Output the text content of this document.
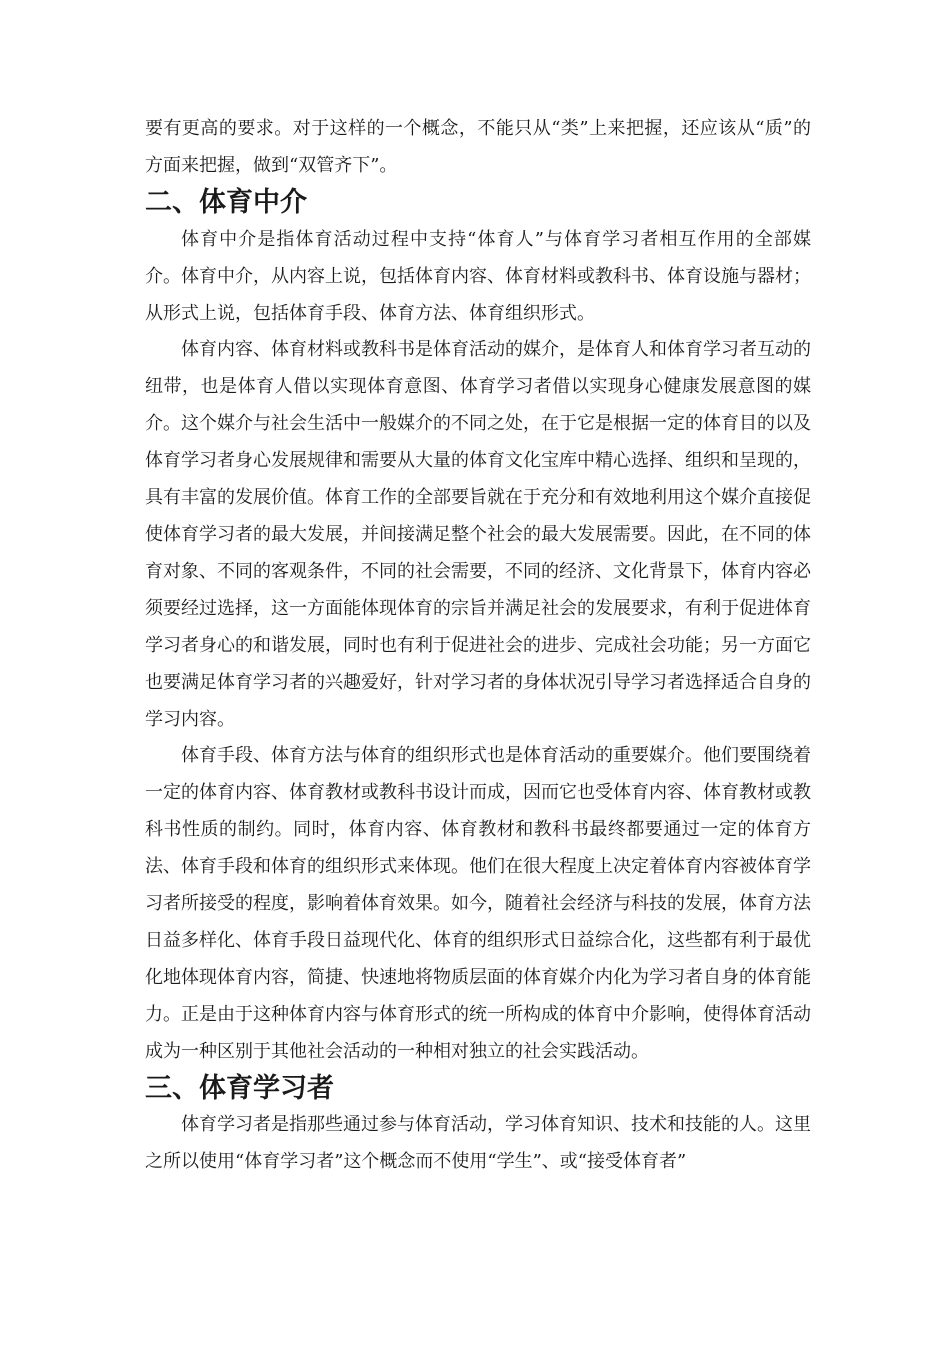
要有更高的要求。对于这样的一个概念，不能只从“类”上来把握，还应该从“质”的方面来把握，做到“双管齐下”。

二、体育中介

体育中介是指体育活动过程中支持“体育人”与体育学习者相互作用的全部媒介。体育中介，从内容上说，包括体育内容、体育材料或教科书、体育设施与器材；从形式上说，包括体育手段、体育方法、体育组织形式。

体育内容、体育材料或教科书是体育活动的媒介，是体育人和体育学习者互动的纽带，也是体育人借以实现体育意图、体育学习者借以实现身心健康发展意图的媒介。这个媒介与社会生活中一般媒介的不同之处，在于它是根据一定的体育目的以及体育学习者身心发展规律和需要从大量的体育文化宝库中精心选择、组织和呈现的，具有丰富的发展价值。体育工作的全部要旨就在于充分和有效地利用这个媒介直接促使体育学习者的最大发展，并间接满足整个社会的最大发展需要。因此，在不同的体育对象、不同的客观条件，不同的社会需要，不同的经济、文化背景下，体育内容必须要经过选择，这一方面能体现体育的宗旨并满足社会的发展要求，有利于促进体育学习者身心的和谐发展，同时也有利于促进社会的进步、完成社会功能；另一方面它也要满足体育学习者的兴趣爱好，针对学习者的身体状况引导学习者选择适合自身的学习内容。

体育手段、体育方法与体育的组织形式也是体育活动的重要媒介。他们要围绕着一定的体育内容、体育教材或教科书设计而成，因而它也受体育内容、体育教材或教科书性质的制约。同时，体育内容、体育教材和教科书最终都要通过一定的体育方法、体育手段和体育的组织形式来体现。他们在很大程度上决定着体育内容被体育学习者所接受的程度，影响着体育效果。如今，随着社会经济与科技的发展，体育方法日益多样化、体育手段日益现代化、体育的组织形式日益综合化，这些都有利于最优化地体现体育内容，简捷、快速地将物质层面的体育媒介内化为学习者自身的体育能力。正是由于这种体育内容与体育形式的统一所构成的体育中介影响，使得体育活动成为一种区别于其他社会活动的一种相对独立的社会实践活动。

三、体育学习者

体育学习者是指那些通过参与体育活动，学习体育知识、技术和技能的人。这里之所以使用“体育学习者”这个概念而不使用“学生”、或“接受体育者”
